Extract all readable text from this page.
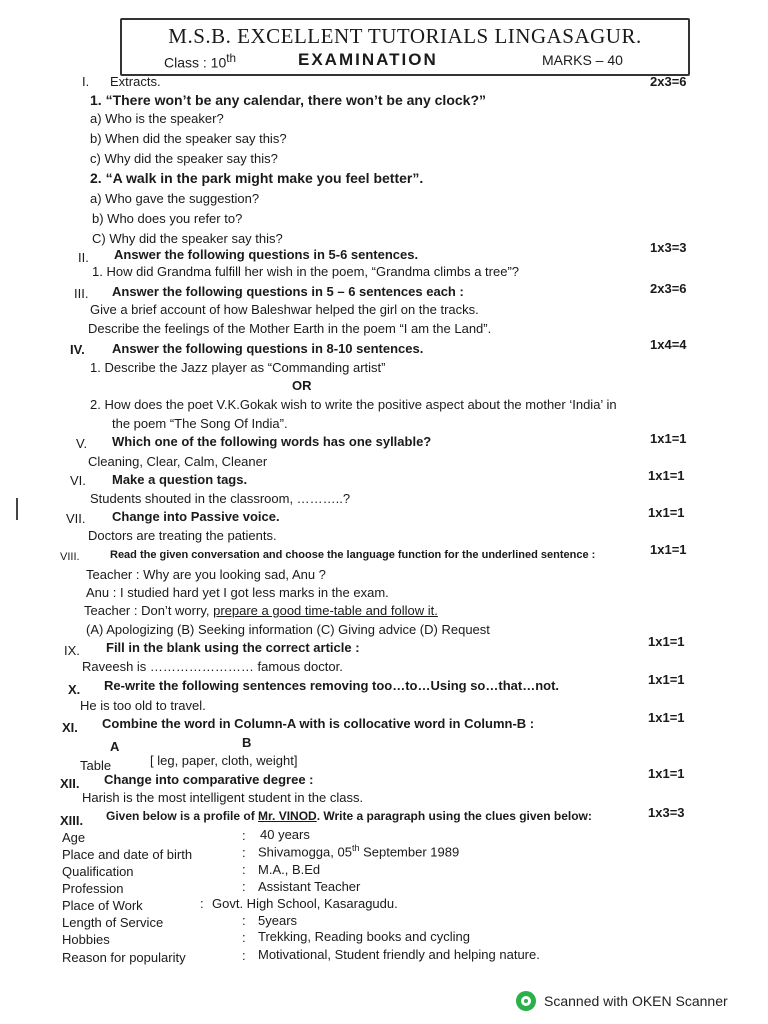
M.S.B. EXCELLENT TUTORIALS LINGASAGUR.
Class : 10th	EXAMINATION	MARKS – 40
I. Extracts.	2x3=6
1. “There won’t be any calendar, there won’t be any clock?”
a) Who is the speaker?
b) When did the speaker say this?
c) Why did the speaker say this?
2. “A walk in the park might make you feel better”.
a) Who gave the suggestion?
b) Who does you refer to?
C) Why did the speaker say this?
II. Answer the following questions in 5-6 sentences.	1x3=3
1. How did Grandma fulfill her wish in the poem, “Grandma climbs a tree”?
III. Answer the following questions in 5 – 6 sentences each :	2x3=6
Give a brief account of how Baleshwar helped the girl on the tracks.
Describe the feelings of the Mother Earth in the poem “I am the Land”.
IV. Answer the following questions in 8-10 sentences.	1x4=4
1. Describe the Jazz player as “Commanding artist”
OR
2. How does the poet V.K.Gokak wish to write the positive aspect about the mother ‘India’ in
the poem “The Song Of India”.
V. Which one of the following words has one syllable?	1x1=1
Cleaning, Clear, Calm, Cleaner
VI. Make a question tags.	1x1=1
Students shouted in the classroom, ………..?
VII. Change into Passive voice.	1x1=1
Doctors are treating the patients.
VIII.	Read the given conversation and choose the language function for the underlined sentence :	1x1=1
Teacher : Why are you looking sad, Anu ?
Anu : I studied hard yet I got less marks in the exam.
Teacher : Don’t worry, prepare a good time-table and follow it.
(A) Apologizing (B) Seeking information (C) Giving advice (D) Request
IX. Fill in the blank using the correct article :	1x1=1
Raveesh is …………………… famous doctor.
X. Re-write the following sentences removing too…to…Using so…that…not.	1x1=1
He is too old to travel.
XI. Combine the word in Column-A with is collocative word in Column-B :	1x1=1
A	B
Table	[ leg, paper, cloth, weight]
XII. Change into comparative degree :	1x1=1
Harish is the most intelligent student in the class.
XIII. Given below is a profile of Mr. VINOD. Write a paragraph using the clues given below:	1x3=3
Age	: 40 years
Place and date of birth	: Shivamogga, 05th September 1989
Qualification	: M.A., B.Ed
Profession	: Assistant Teacher
Place of Work	: Govt. High School, Kasaragudu.
Length of Service	: 5years
Hobbies	: Trekking, Reading books and cycling
Reason for popularity	: Motivational, Student friendly and helping nature.
Scanned with OKEN Scanner
